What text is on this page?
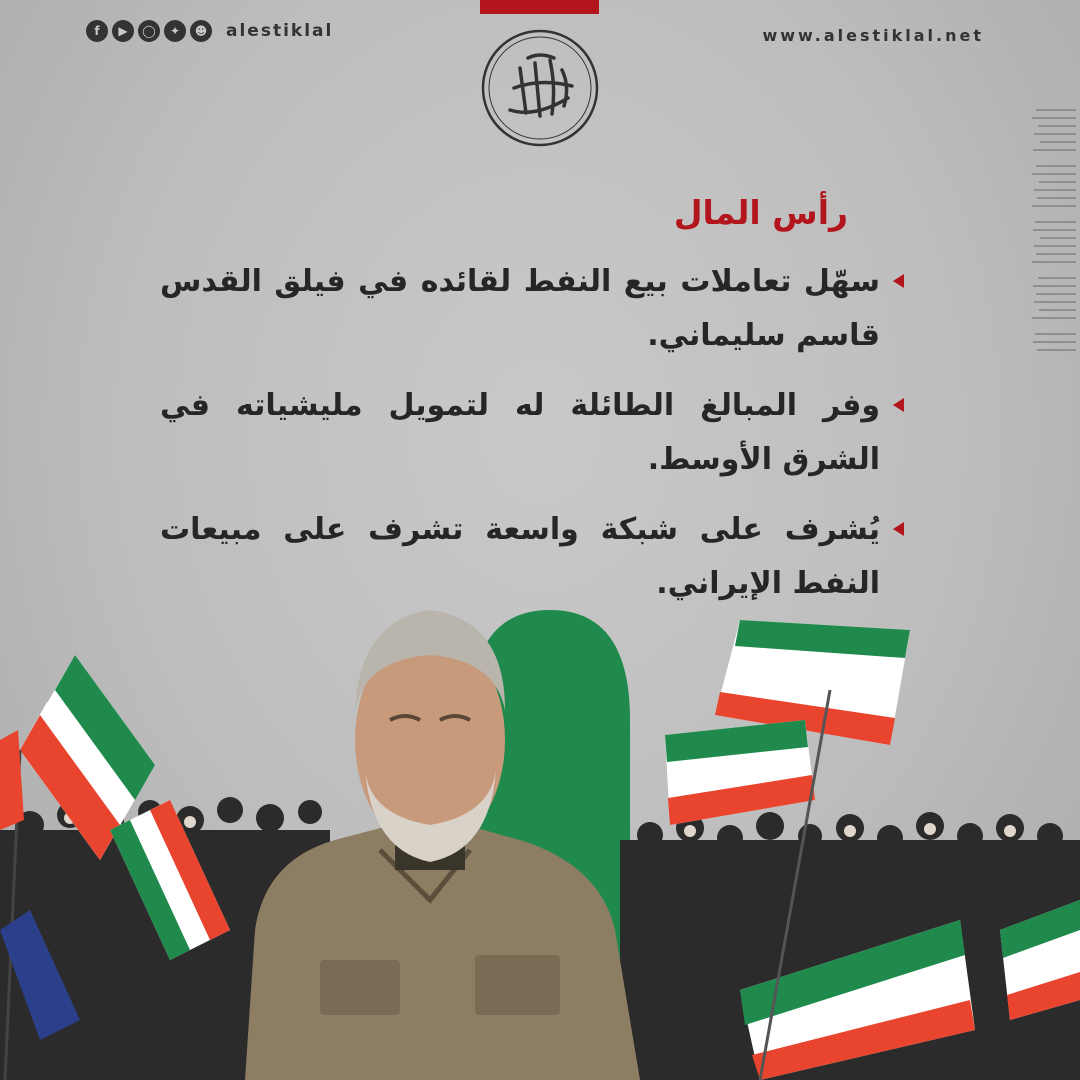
f	▶	◯	✦	☻ alestiklal	www.alestiklal.net
رأس المال
سهّل تعاملات بيع النفط لقائده في فيلق القدس قاسم سليماني.
وفر المبالغ الطائلة له لتمويل مليشياته في الشرق الأوسط.
يُشرف على شبكة واسعة تشرف على مبيعات النفط الإيراني.
